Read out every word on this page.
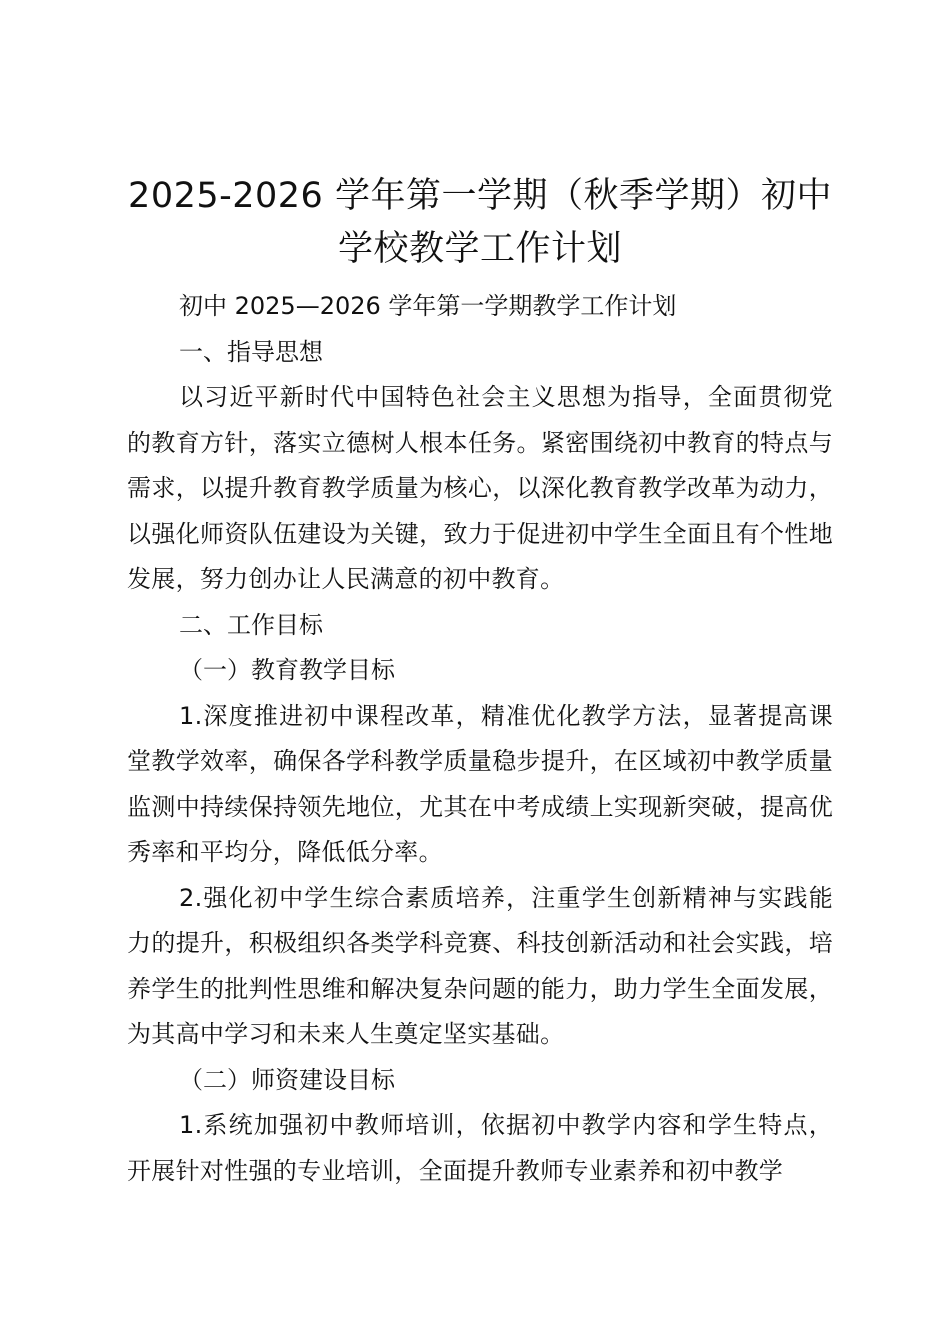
2025-2026 学年第一学期（秋季学期）初中学校教学工作计划

初中 2025—2026 学年第一学期教学工作计划

一、指导思想

以习近平新时代中国特色社会主义思想为指导，全面贯彻党的教育方针，落实立德树人根本任务。紧密围绕初中教育的特点与需求，以提升教育教学质量为核心，以深化教育教学改革为动力，以强化师资队伍建设为关键，致力于促进初中学生全面且有个性地发展，努力创办让人民满意的初中教育。

二、工作目标

（一）教育教学目标

1.深度推进初中课程改革，精准优化教学方法，显著提高课堂教学效率，确保各学科教学质量稳步提升，在区域初中教学质量监测中持续保持领先地位，尤其在中考成绩上实现新突破，提高优秀率和平均分，降低低分率。

2.强化初中学生综合素质培养，注重学生创新精神与实践能力的提升，积极组织各类学科竞赛、科技创新活动和社会实践，培养学生的批判性思维和解决复杂问题的能力，助力学生全面发展，为其高中学习和未来人生奠定坚实基础。

（二）师资建设目标

1.系统加强初中教师培训，依据初中教学内容和学生特点，开展针对性强的专业培训，全面提升教师专业素养和初中教学
